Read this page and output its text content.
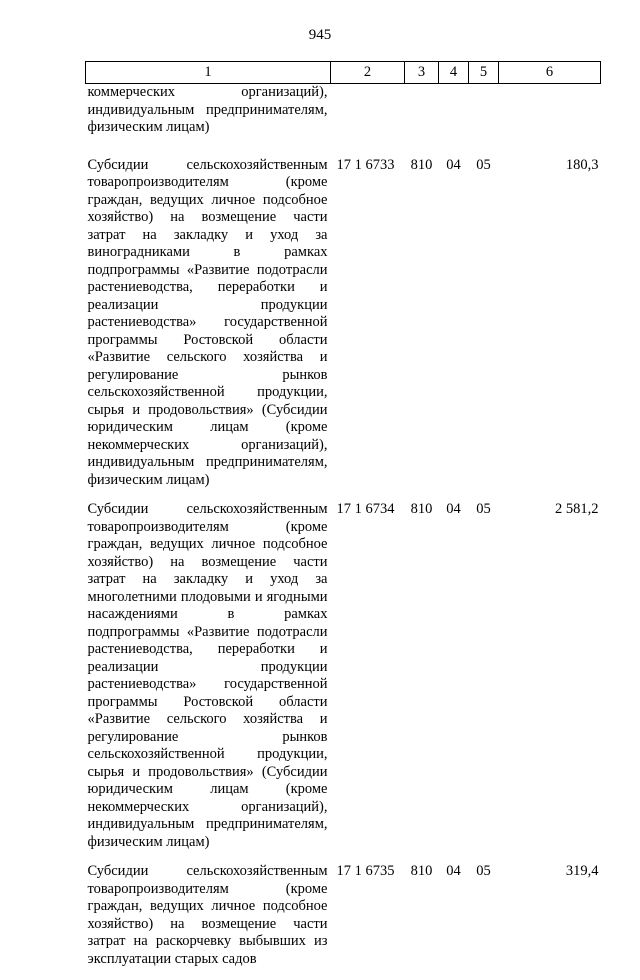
945
1	2	3	4	5	6
коммерческих организаций), индивидуальным предпринимателям, физическим лицам)					
Субсидии сельскохозяйственным товаропроизводителям (кроме граждан, ведущих личное подсобное хозяйство) на возмещение части затрат на закладку и уход за виноградниками в рамках подпрограммы «Развитие подотрасли растениеводства, переработки и реализации продукции растениеводства» государственной программы Ростовской области «Развитие сельского хозяйства и регулирование рынков сельскохозяйственной продукции, сырья и продовольствия» (Субсидии юридическим лицам (кроме некоммерческих организаций), индивидуальным предпринимателям, физическим лицам)	17 1 6733	810	04	05	180,3
Субсидии сельскохозяйственным товаропроизводителям (кроме граждан, ведущих личное подсобное хозяйство) на возмещение части затрат на закладку и уход за многолетними плодовыми и ягодными насаждениями в рамках подпрограммы «Развитие подотрасли растениеводства, переработки и реализации продукции растениеводства» государственной программы Ростовской области «Развитие сельского хозяйства и регулирование рынков сельскохозяйственной продукции, сырья и продовольствия» (Субсидии юридическим лицам (кроме некоммерческих организаций), индивидуальным предпринимателям, физическим лицам)	17 1 6734	810	04	05	2 581,2
Субсидии сельскохозяйственным товаропроизводителям (кроме граждан, ведущих личное подсобное хозяйство) на возмещение части затрат на раскорчевку выбывших из эксплуатации старых садов	17 1 6735	810	04	05	319,4
